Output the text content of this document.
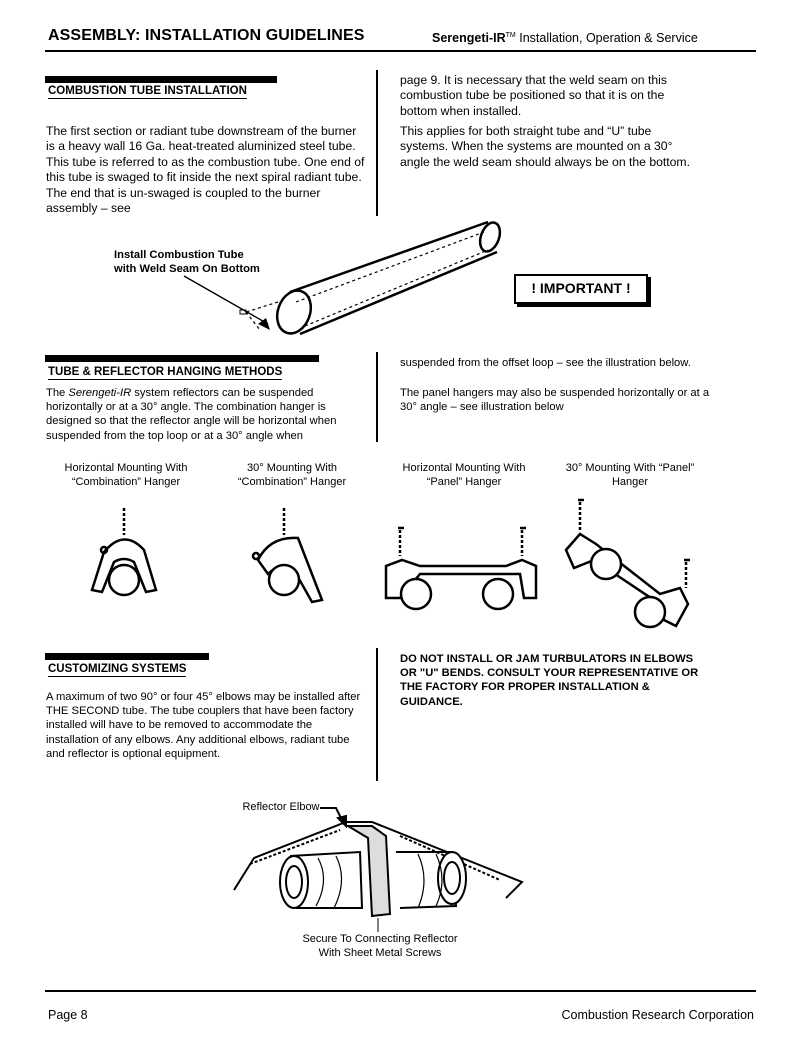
ASSEMBLY: INSTALLATION GUIDELINES	Serengeti-IR™ Installation, Operation & Service
COMBUSTION TUBE INSTALLATION
The first section or radiant tube downstream of the burner is a heavy wall 16 Ga. heat-treated aluminized steel tube. This tube is referred to as the combustion tube. One end of this tube is swaged to fit inside the next spiral radiant tube. The end that is un-swaged is coupled to the burner assembly – see
page 9. It is necessary that the weld seam on this combustion tube be positioned so that it is on the bottom when installed.
This applies for both straight tube and “U” tube systems. When the systems are mounted on a 30° angle the weld seam should always be on the bottom.
Install Combustion Tube
with Weld Seam On Bottom
! IMPORTANT !
TUBE & REFLECTOR HANGING METHODS
The Serengeti-IR system reflectors can be suspended horizontally or at a 30° angle. The combination hanger is designed so that the reflector angle will be horizontal when suspended from the top loop or at a 30° angle when
suspended from the offset loop – see the illustration below.
The panel hangers may also be suspended horizontally or at a 30° angle – see illustration below
Horizontal Mounting With
“Combination” Hanger
30° Mounting With
“Combination” Hanger
Horizontal Mounting With
“Panel” Hanger
30° Mounting With “Panel”
Hanger
CUSTOMIZING SYSTEMS
A maximum of two 90° or four 45° elbows may be installed after THE SECOND tube. The tube couplers that have been factory installed will have to be removed to accommodate the installation of any elbows. Any additional elbows, radiant tube and reflector is optional equipment.
DO NOT INSTALL OR JAM TURBULATORS IN ELBOWS OR "U" BENDS. CONSULT YOUR REPRESENTATIVE OR THE FACTORY FOR PROPER INSTALLATION & GUIDANCE.
Reflector Elbow
Secure To Connecting Reflector
With Sheet Metal Screws
Page 8	Combustion Research Corporation
